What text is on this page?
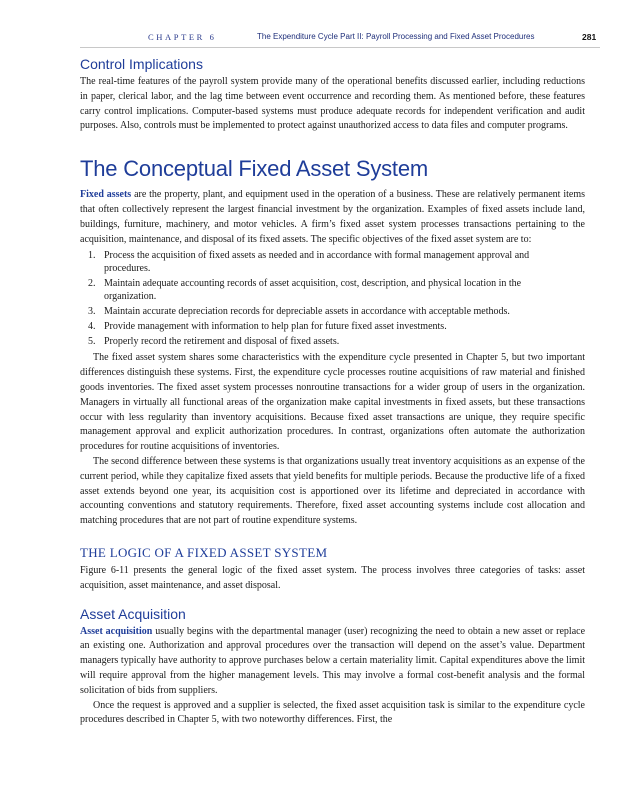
CHAPTER 6	The Expenditure Cycle Part II: Payroll Processing and Fixed Asset Procedures	281
Control Implications

The real-time features of the payroll system provide many of the operational benefits discussed earlier, including reductions in paper, clerical labor, and the lag time between event occurrence and recording them. As mentioned before, these features carry control implications. Computer-based systems must produce adequate records for independent verification and audit purposes. Also, controls must be implemented to protect against unauthorized access to data files and computer programs.

The Conceptual Fixed Asset System

Fixed assets are the property, plant, and equipment used in the operation of a business. These are relatively permanent items that often collectively represent the largest financial investment by the organization. Examples of fixed assets include land, buildings, furniture, machinery, and motor vehicles. A firm’s fixed asset system processes transactions pertaining to the acquisition, maintenance, and disposal of its fixed assets. The specific objectives of the fixed asset system are to:

1. Process the acquisition of fixed assets as needed and in accordance with formal management approval and procedures.
2. Maintain adequate accounting records of asset acquisition, cost, description, and physical location in the organization.
3. Maintain accurate depreciation records for depreciable assets in accordance with acceptable methods.
4. Provide management with information to help plan for future fixed asset investments.
5. Properly record the retirement and disposal of fixed assets.

The fixed asset system shares some characteristics with the expenditure cycle presented in Chapter 5, but two important differences distinguish these systems. First, the expenditure cycle processes routine acquisitions of raw material and finished goods inventories. The fixed asset system processes nonroutine transactions for a wider group of users in the organization. Managers in virtually all functional areas of the organization make capital investments in fixed assets, but these transactions occur with less regularity than inventory acquisitions. Because fixed asset transactions are unique, they require specific management approval and explicit authorization procedures. In contrast, organizations often automate the authorization procedures for routine acquisitions of inventories.

The second difference between these systems is that organizations usually treat inventory acquisitions as an expense of the current period, while they capitalize fixed assets that yield benefits for multiple periods. Because the productive life of a fixed asset extends beyond one year, its acquisition cost is apportioned over its lifetime and depreciated in accordance with accounting conventions and statutory requirements. Therefore, fixed asset accounting systems include cost allocation and matching procedures that are not part of routine expenditure systems.

THE LOGIC OF A FIXED ASSET SYSTEM

Figure 6-11 presents the general logic of the fixed asset system. The process involves three categories of tasks: asset acquisition, asset maintenance, and asset disposal.

Asset Acquisition

Asset acquisition usually begins with the departmental manager (user) recognizing the need to obtain a new asset or replace an existing one. Authorization and approval procedures over the transaction will depend on the asset’s value. Department managers typically have authority to approve purchases below a certain materiality limit. Capital expenditures above the limit will require approval from the higher management levels. This may involve a formal cost-benefit analysis and the formal solicitation of bids from suppliers.

Once the request is approved and a supplier is selected, the fixed asset acquisition task is similar to the expenditure cycle procedures described in Chapter 5, with two noteworthy differences. First, the
